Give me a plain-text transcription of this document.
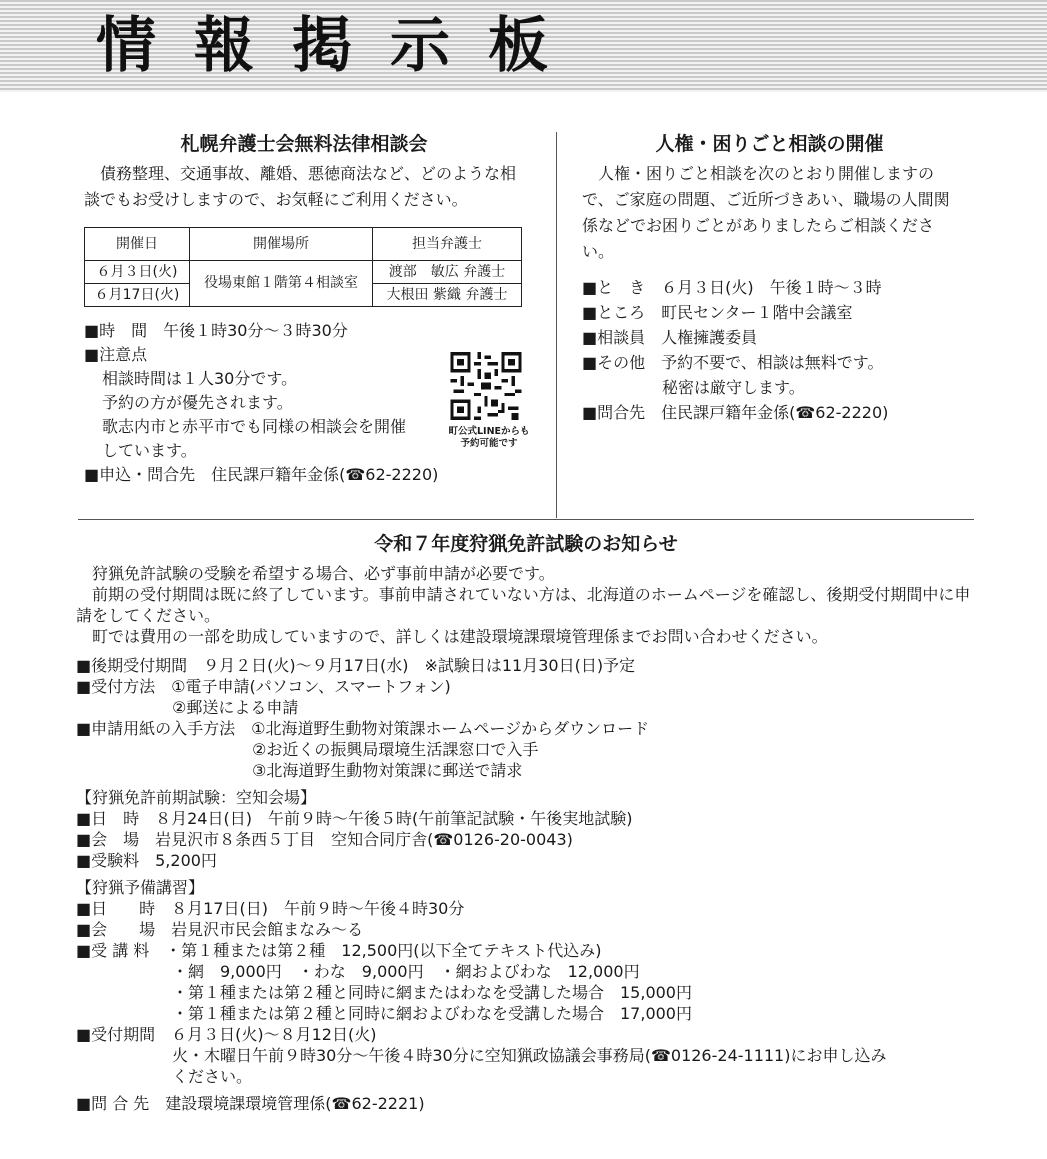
情報掲示板
札幌弁護士会無料法律相談会

債務整理、交通事故、離婚、悪徳商法など、どのような相談でもお受けしますので、お気軽にご利用ください。

開催日	開催場所	担当弁護士
６月３日(火)	役場東館１階第４相談室	渡部　敏広 弁護士
６月17日(火)		大根田 紫織 弁護士
■時　間　午後１時30分～３時30分
■注意点
相談時間は１人30分です。
予約の方が優先されます。
歌志内市と赤平市でも同様の相談会を開催
しています。
■申込・問合先　住民課戸籍年金係(☎62-2220)
町公式LINEからも
予約可能です
人権・困りごと相談の開催

人権・困りごと相談を次のとおり開催しますので、ご家庭の問題、ご近所づきあい、職場の人間関係などでお困りごとがありましたらご相談ください。

■と　き　６月３日(火)　午後１時～３時
■ところ　町民センター１階中会議室
■相談員　人権擁護委員
■その他　予約不要で、相談は無料です。
　　　　　秘密は厳守します。
■問合先　住民課戸籍年金係(☎62-2220)
令和７年度狩猟免許試験のお知らせ

狩猟免許試験の受験を希望する場合、必ず事前申請が必要です。

前期の受付期間は既に終了しています。事前申請されていない方は、北海道のホームページを確認し、後期受付期間中に申請をしてください。

町では費用の一部を助成していますので、詳しくは建設環境課環境管理係までお問い合わせください。

■後期受付期間　９月２日(火)～９月17日(水)　※試験日は11月30日(日)予定
■受付方法　①電子申請(パソコン、スマートフォン)
　　　　　　②郵送による申請
■申請用紙の入手方法　①北海道野生動物対策課ホームページからダウンロード
　　　　　　　　　　　②お近くの振興局環境生活課窓口で入手
　　　　　　　　　　　③北海道野生動物対策課に郵送で請求
【狩猟免許前期試験：空知会場】
■日　時　８月24日(日)　午前９時～午後５時(午前筆記試験・午後実地試験)
■会　場　岩見沢市８条西５丁目　空知合同庁舎(☎0126-20-0043)
■受験料　5,200円
【狩猟予備講習】
■日　　時　８月17日(日)　午前９時～午後４時30分
■会　　場　岩見沢市民会館まなみ～る
■受 講 料　・第１種または第２種　12,500円(以下全てテキスト代込み)
　　　　　　・網　9,000円　・わな　9,000円　・網およびわな　12,000円
　　　　　　・第１種または第２種と同時に網またはわなを受講した場合　15,000円
　　　　　　・第１種または第２種と同時に網およびわなを受講した場合　17,000円
■受付期間　６月３日(火)～８月12日(火)
　　　　　　火・木曜日午前９時30分～午後４時30分に空知猟政協議会事務局(☎0126-24-1111)にお申し込み
　　　　　　ください。
■問 合 先　建設環境課環境管理係(☎62-2221)
